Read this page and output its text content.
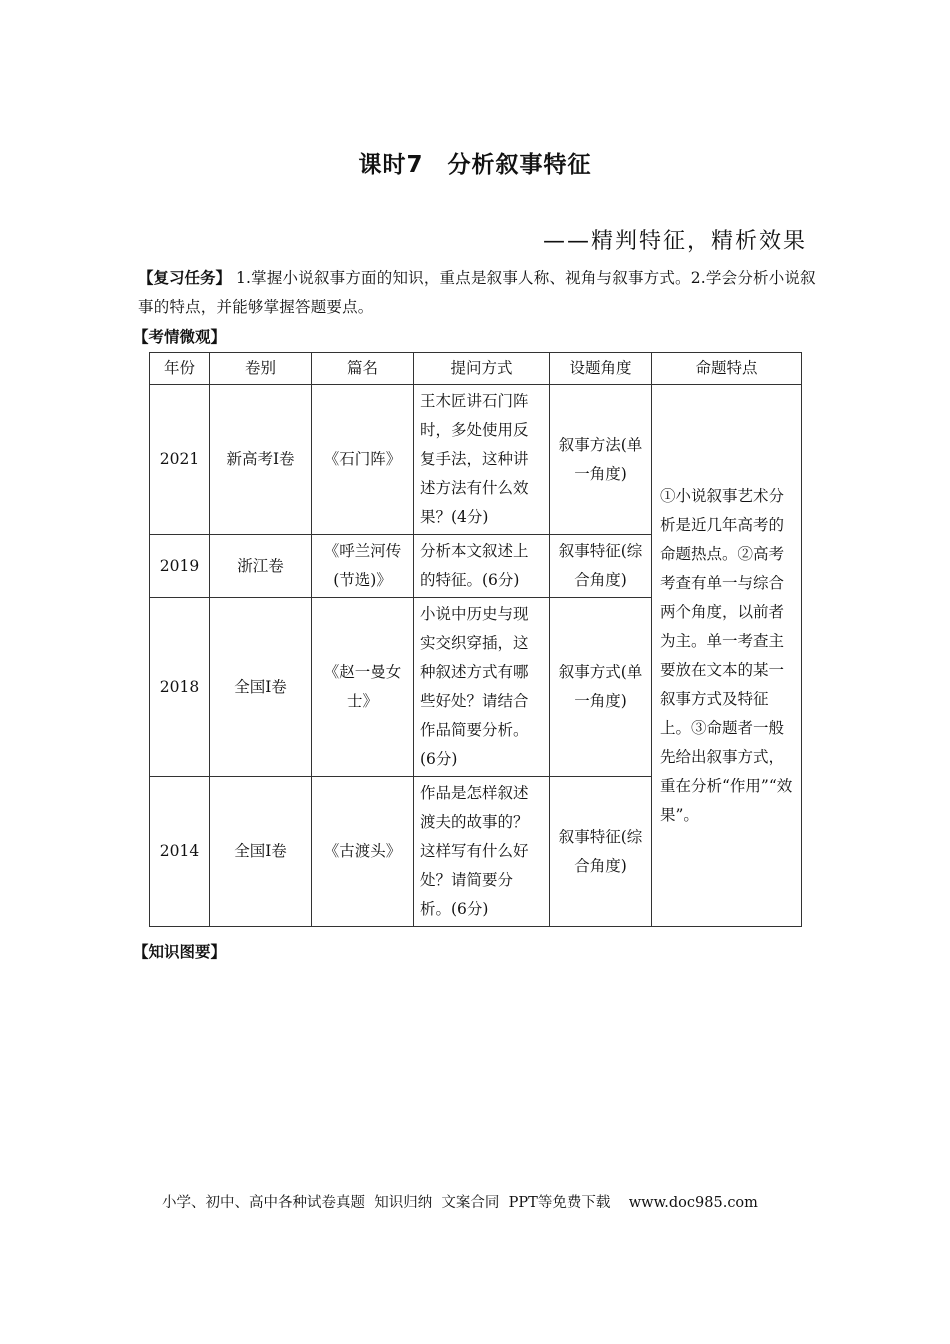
课时7　分析叙事特征
——精判特征，精析效果
【复习任务】 1.掌握小说叙事方面的知识，重点是叙事人称、视角与叙事方式。2.学会分析小说叙事的特点，并能够掌握答题要点。
【考情微观】
年份	卷别	篇名	提问方式	设题角度	命题特点
2021	新高考Ⅰ卷	《石门阵》	王木匠讲石门阵时，多处使用反复手法，这种讲述方法有什么效果？(4分)	叙事方法(单一角度)	①小说叙事艺术分析是近几年高考的命题热点。②高考考查有单一与综合两个角度，以前者为主。单一考查主要放在文本的某一叙事方式及特征上。③命题者一般先给出叙事方式，重在分析“作用”“效果”。
2019	浙江卷	《呼兰河传(节选)》	分析本文叙述上的特征。(6分)	叙事特征(综合角度)	
2018	全国Ⅰ卷	《赵一曼女士》	小说中历史与现实交织穿插，这种叙述方式有哪些好处？请结合作品简要分析。(6分)	叙事方式(单一角度)	
2014	全国Ⅰ卷	《古渡头》	作品是怎样叙述渡夫的故事的？这样写有什么好处？请简要分析。(6分)	叙事特征(综合角度)	
【知识图要】
小学、初中、高中各种试卷真题  知识归纳  文案合同  PPT等免费下载    www.doc985.com
